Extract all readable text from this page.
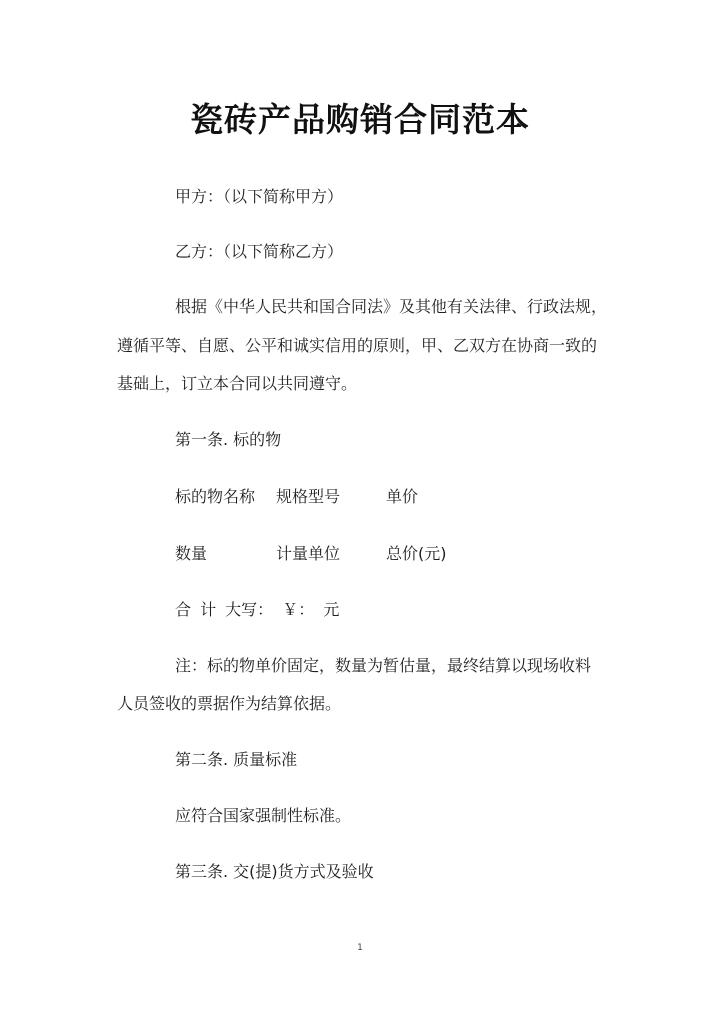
瓷砖产品购销合同范本
甲方：（以下简称甲方）
乙方：（以下简称乙方）
根据《中华人民共和国合同法》及其他有关法律、行政法规，
遵循平等、自愿、公平和诚实信用的原则，甲、乙双方在协商一致的
基础上，订立本合同以共同遵守。
第一条. 标的物
标的物名称 规格型号	单价
数量	计量单位	总价(元)
合 计 大写： ￥： 元
注：标的物单价固定，数量为暂估量，最终结算以现场收料
人员签收的票据作为结算依据。
第二条. 质量标准
应符合国家强制性标准。
第三条. 交(提)货方式及验收
1
